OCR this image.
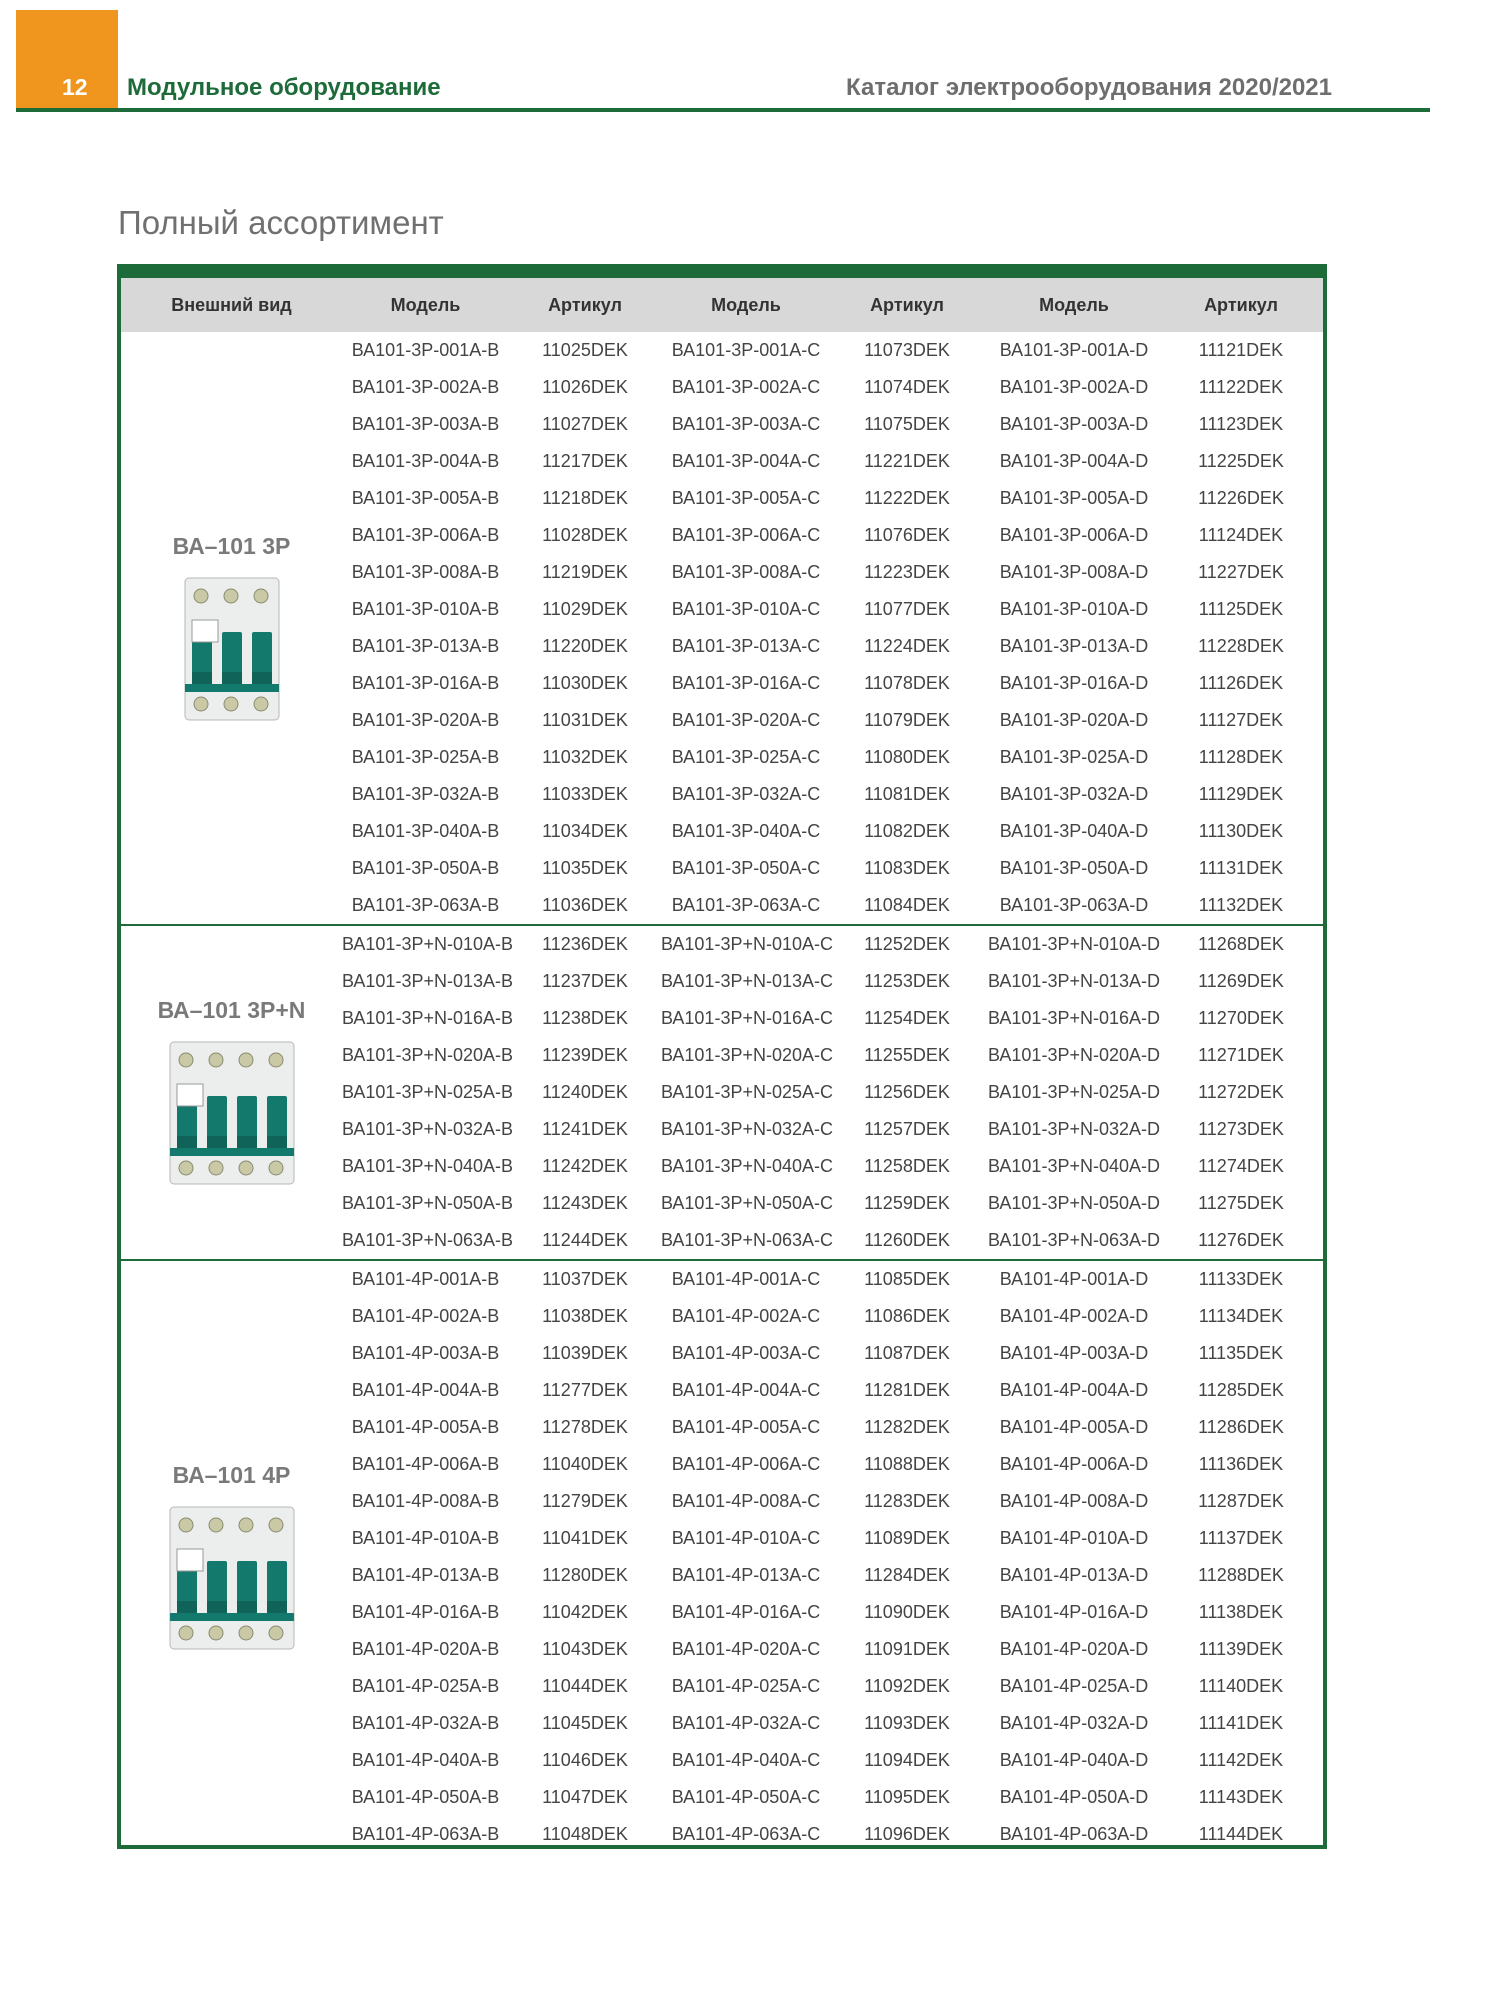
12 Модульное оборудование	Каталог электрооборудования 2020/2021
Полный ассортимент
Внешний вид	Модель	Артикул	Модель	Артикул	Модель	Артикул
ВА–101 3Р
ВА101-3P-001A-B	11025DEK	ВА101-3P-001A-C	11073DEK	ВА101-3P-001A-D	11121DEK
ВА101-3P-002A-B	11026DEK	ВА101-3P-002A-C	11074DEK	ВА101-3P-002A-D	11122DEK
ВА101-3P-003A-B	11027DEK	ВА101-3P-003A-C	11075DEK	ВА101-3P-003A-D	11123DEK
ВА101-3P-004A-B	11217DEK	ВА101-3P-004A-C	11221DEK	ВА101-3P-004A-D	11225DEK
ВА101-3P-005A-B	11218DEK	ВА101-3P-005A-C	11222DEK	ВА101-3P-005A-D	11226DEK
ВА101-3P-006A-B	11028DEK	ВА101-3P-006A-C	11076DEK	ВА101-3P-006A-D	11124DEK
ВА101-3P-008A-B	11219DEK	ВА101-3P-008A-C	11223DEK	ВА101-3P-008A-D	11227DEK
ВА101-3P-010A-B	11029DEK	ВА101-3P-010A-C	11077DEK	ВА101-3P-010A-D	11125DEK
ВА101-3P-013A-B	11220DEK	ВА101-3P-013A-C	11224DEK	ВА101-3P-013A-D	11228DEK
ВА101-3P-016A-B	11030DEK	ВА101-3P-016A-C	11078DEK	ВА101-3P-016A-D	11126DEK
ВА101-3P-020A-B	11031DEK	ВА101-3P-020A-C	11079DEK	ВА101-3P-020A-D	11127DEK
ВА101-3P-025A-B	11032DEK	ВА101-3P-025A-C	11080DEK	ВА101-3P-025A-D	11128DEK
ВА101-3P-032A-B	11033DEK	ВА101-3P-032A-C	11081DEK	ВА101-3P-032A-D	11129DEK
ВА101-3P-040A-B	11034DEK	ВА101-3P-040A-C	11082DEK	ВА101-3P-040A-D	11130DEK
ВА101-3P-050A-B	11035DEK	ВА101-3P-050A-C	11083DEK	ВА101-3P-050A-D	11131DEK
ВА101-3P-063A-B	11036DEK	ВА101-3P-063A-C	11084DEK	ВА101-3P-063A-D	11132DEK
ВА–101 3Р+N
ВА101-3P+N-010A-B	11236DEK	ВА101-3P+N-010A-C	11252DEK	ВА101-3P+N-010A-D	11268DEK
ВА101-3P+N-013A-B	11237DEK	ВА101-3P+N-013A-C	11253DEK	ВА101-3P+N-013A-D	11269DEK
ВА101-3P+N-016A-B	11238DEK	ВА101-3P+N-016A-C	11254DEK	ВА101-3P+N-016A-D	11270DEK
ВА101-3P+N-020A-B	11239DEK	ВА101-3P+N-020A-C	11255DEK	ВА101-3P+N-020A-D	11271DEK
ВА101-3P+N-025A-B	11240DEK	ВА101-3P+N-025A-C	11256DEK	ВА101-3P+N-025A-D	11272DEK
ВА101-3P+N-032A-B	11241DEK	ВА101-3P+N-032A-C	11257DEK	ВА101-3P+N-032A-D	11273DEK
ВА101-3P+N-040A-B	11242DEK	ВА101-3P+N-040A-C	11258DEK	ВА101-3P+N-040A-D	11274DEK
ВА101-3P+N-050A-B	11243DEK	ВА101-3P+N-050A-C	11259DEK	ВА101-3P+N-050A-D	11275DEK
ВА101-3P+N-063A-B	11244DEK	ВА101-3P+N-063A-C	11260DEK	ВА101-3P+N-063A-D	11276DEK
ВА–101 4Р
ВА101-4P-001A-B	11037DEK	ВА101-4P-001A-C	11085DEK	ВА101-4P-001A-D	11133DEK
ВА101-4P-002A-B	11038DEK	ВА101-4P-002A-C	11086DEK	ВА101-4P-002A-D	11134DEK
ВА101-4P-003A-B	11039DEK	ВА101-4P-003A-C	11087DEK	ВА101-4P-003A-D	11135DEK
ВА101-4P-004A-B	11277DEK	ВА101-4P-004A-C	11281DEK	ВА101-4P-004A-D	11285DEK
ВА101-4P-005A-B	11278DEK	ВА101-4P-005A-C	11282DEK	ВА101-4P-005A-D	11286DEK
ВА101-4P-006A-B	11040DEK	ВА101-4P-006A-C	11088DEK	ВА101-4P-006A-D	11136DEK
ВА101-4P-008A-B	11279DEK	ВА101-4P-008A-C	11283DEK	ВА101-4P-008A-D	11287DEK
ВА101-4P-010A-B	11041DEK	ВА101-4P-010A-C	11089DEK	ВА101-4P-010A-D	11137DEK
ВА101-4P-013A-B	11280DEK	ВА101-4P-013A-C	11284DEK	ВА101-4P-013A-D	11288DEK
ВА101-4P-016A-B	11042DEK	ВА101-4P-016A-C	11090DEK	ВА101-4P-016A-D	11138DEK
ВА101-4P-020A-B	11043DEK	ВА101-4P-020A-C	11091DEK	ВА101-4P-020A-D	11139DEK
ВА101-4P-025A-B	11044DEK	ВА101-4P-025A-C	11092DEK	ВА101-4P-025A-D	11140DEK
ВА101-4P-032A-B	11045DEK	ВА101-4P-032A-C	11093DEK	ВА101-4P-032A-D	11141DEK
ВА101-4P-040A-B	11046DEK	ВА101-4P-040A-C	11094DEK	ВА101-4P-040A-D	11142DEK
ВА101-4P-050A-B	11047DEK	ВА101-4P-050A-C	11095DEK	ВА101-4P-050A-D	11143DEK
ВА101-4P-063A-B	11048DEK	ВА101-4P-063A-C	11096DEK	ВА101-4P-063A-D	11144DEK
